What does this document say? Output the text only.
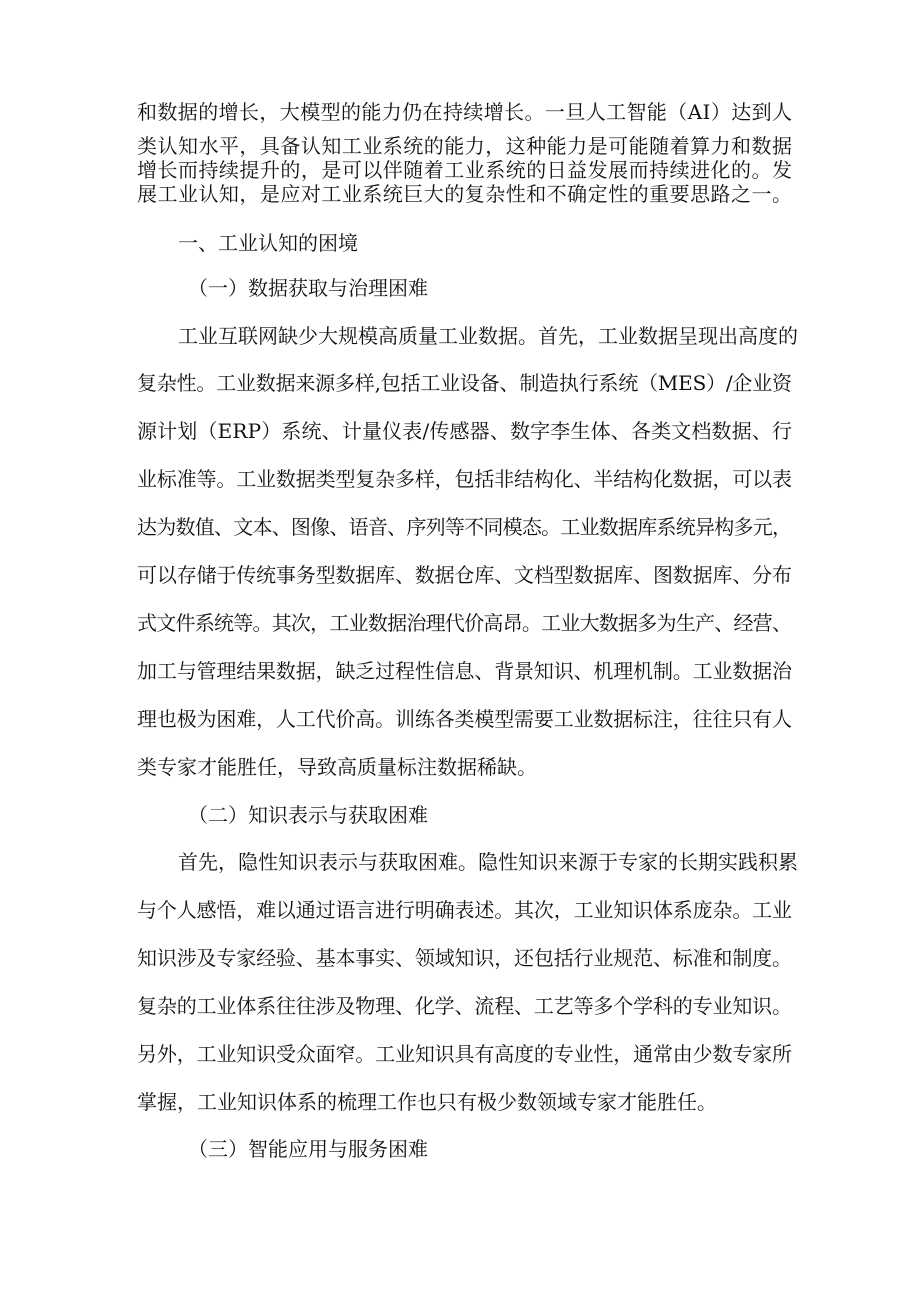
和数据的增长，大模型的能力仍在持续增长。一旦人工智能（AI）达到人

类认知水平，具备认知工业系统的能力，这种能力是可能随着算力和数据

增长而持续提升的，是可以伴随着工业系统的日益发展而持续进化的。发

展工业认知，是应对工业系统巨大的复杂性和不确定性的重要思路之一。

一、工业认知的困境

（一）数据获取与治理困难

工业互联网缺少大规模高质量工业数据。首先，工业数据呈现出高度的

复杂性。工业数据来源多样,包括工业设备、制造执行系统（MES）/企业资

源计划（ERP）系统、计量仪表/传感器、数字李生体、各类文档数据、行

业标准等。工业数据类型复杂多样，包括非结构化、半结构化数据，可以表

达为数值、文本、图像、语音、序列等不同模态。工业数据库系统异构多元，

可以存储于传统事务型数据库、数据仓库、文档型数据库、图数据库、分布

式文件系统等。其次，工业数据治理代价高昂。工业大数据多为生产、经营、

加工与管理结果数据，缺乏过程性信息、背景知识、机理机制。工业数据治

理也极为困难，人工代价高。训练各类模型需要工业数据标注，往往只有人

类专家才能胜任，导致高质量标注数据稀缺。

（二）知识表示与获取困难

首先，隐性知识表示与获取困难。隐性知识来源于专家的长期实践积累

与个人感悟，难以通过语言进行明确表述。其次，工业知识体系庞杂。工业

知识涉及专家经验、基本事实、领域知识，还包括行业规范、标准和制度。

复杂的工业体系往往涉及物理、化学、流程、工艺等多个学科的专业知识。

另外，工业知识受众面窄。工业知识具有高度的专业性，通常由少数专家所

掌握，工业知识体系的梳理工作也只有极少数领域专家才能胜任。

（三）智能应用与服务困难
